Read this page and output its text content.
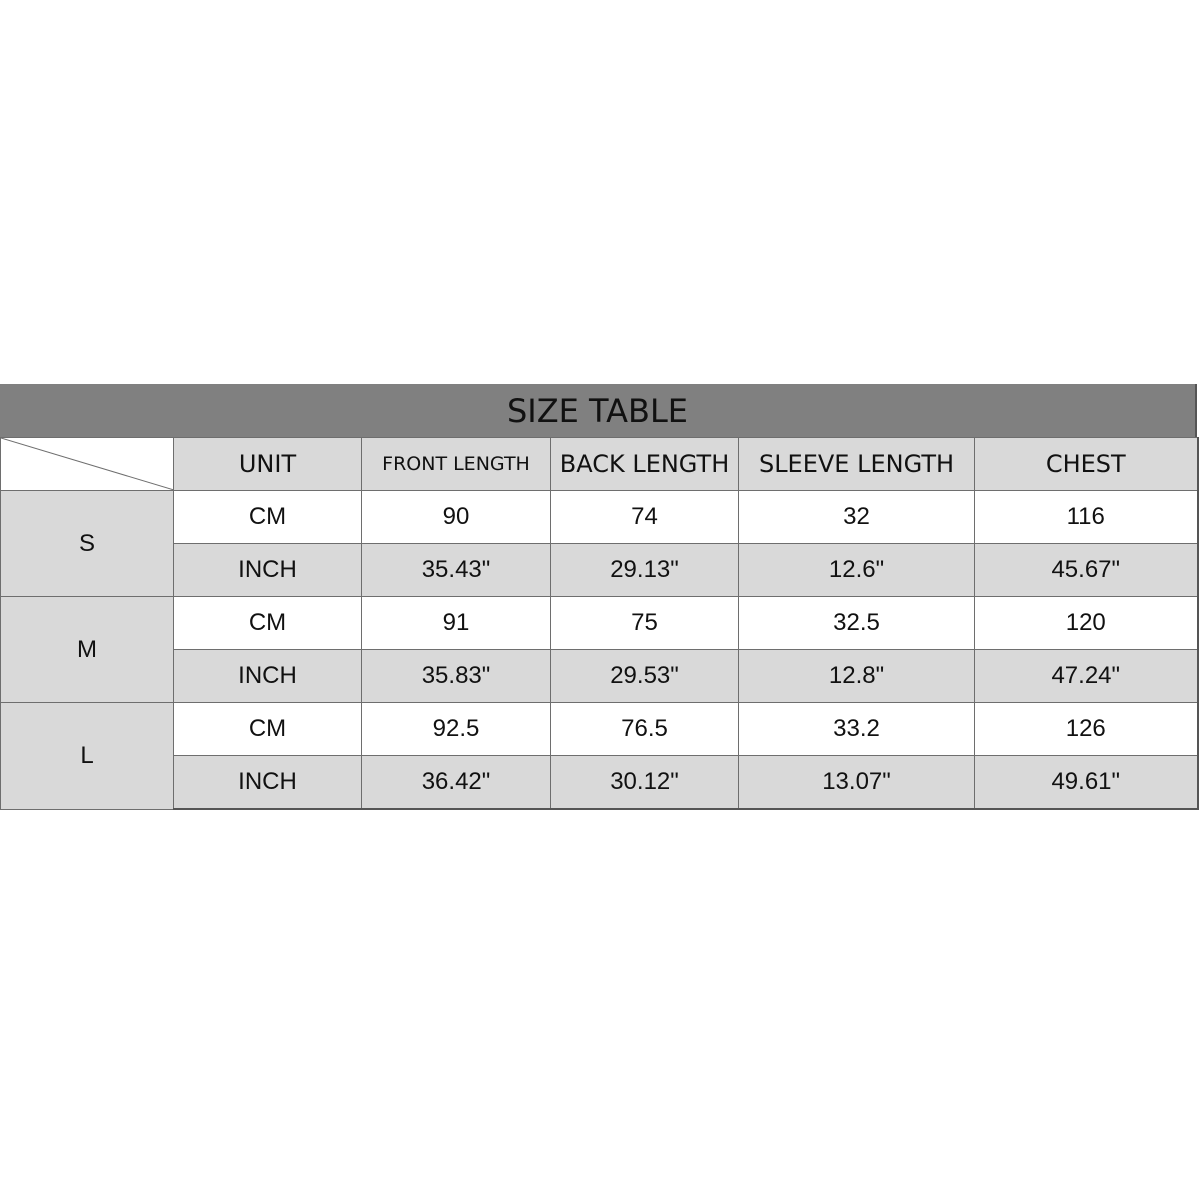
SIZE TABLE
	UNIT	FRONT LENGTH	BACK LENGTH	SLEEVE LENGTH	CHEST
S	CM	90	74	32	116
	INCH	35.43"	29.13"	12.6"	45.67"
M	CM	91	75	32.5	120
	INCH	35.83"	29.53"	12.8"	47.24"
L	CM	92.5	76.5	33.2	126
	INCH	36.42"	30.12"	13.07"	49.61"
